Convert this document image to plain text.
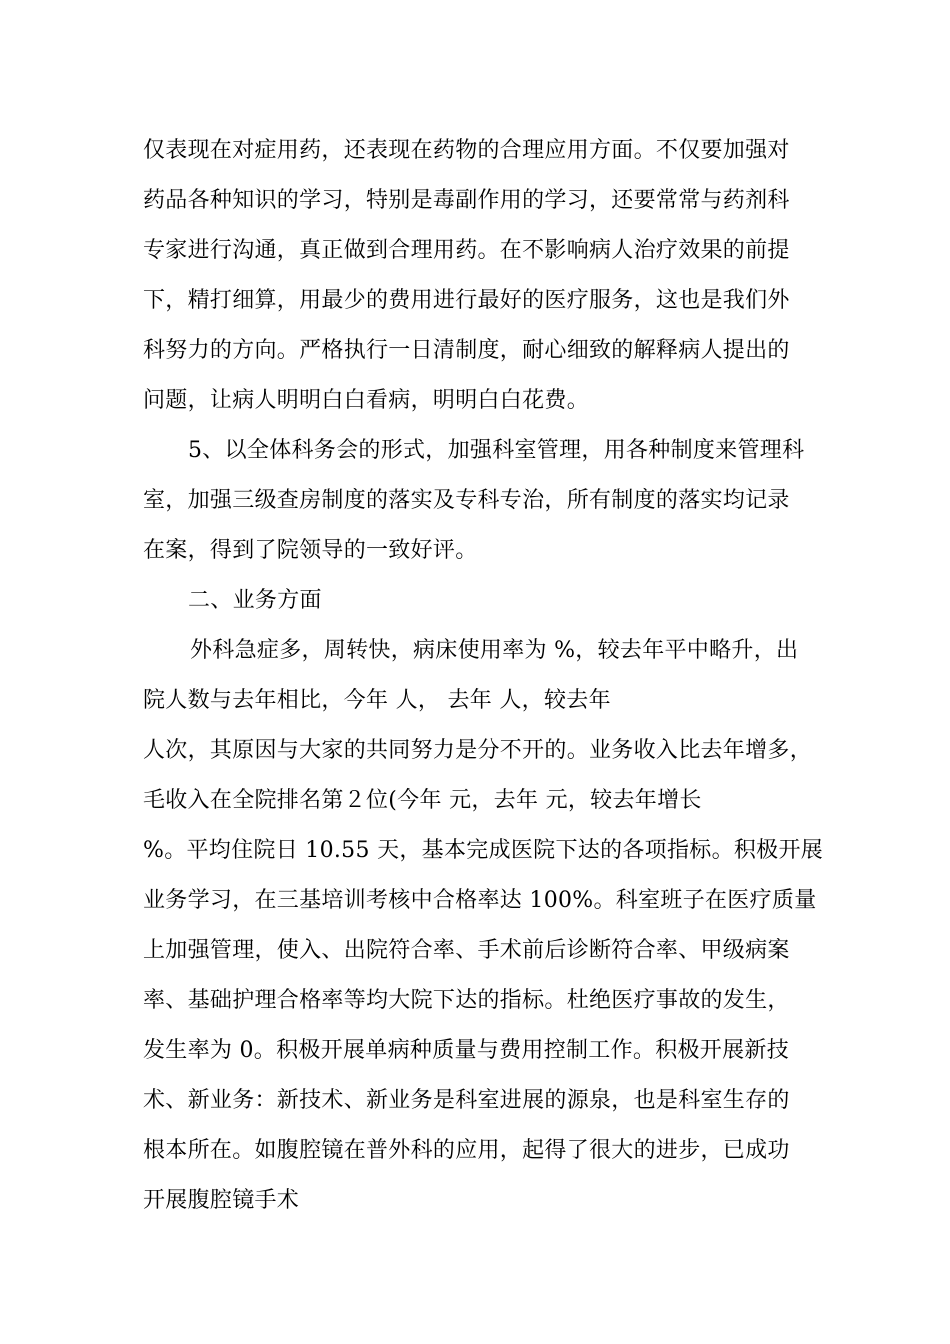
仅表现在对症用药，还表现在药物的合理应用方面。不仅要加强对
药品各种知识的学习，特别是毒副作用的学习，还要常常与药剂科
专家进行沟通，真正做到合理用药。在不影响病人治疗效果的前提
下，精打细算，用最少的费用进行最好的医疗服务，这也是我们外
科努力的方向。严格执行一日清制度，耐心细致的解释病人提出的
问题，让病人明明白白看病，明明白白花费。
5、以全体科务会的形式，加强科室管理，用各种制度来管理科
室，加强三级查房制度的落实及专科专治，所有制度的落实均记录
在案，得到了院领导的一致好评。
二、业务方面
外科急症多，周转快，病床使用率为 %，较去年平中略升，出
院人数与去年相比，今年 人， 去年 人，较去年
人次，其原因与大家的共同努力是分不开的。业务收入比去年增多，
毛收入在全院排名第２位(今年 元，去年 元，较去年增长
%。平均住院日 10.55 天，基本完成医院下达的各项指标。积极开展
业务学习，在三基培训考核中合格率达 100%。科室班子在医疗质量
上加强管理，使入、出院符合率、手术前后诊断符合率、甲级病案
率、基础护理合格率等均大院下达的指标。杜绝医疗事故的发生，
发生率为 0。积极开展单病种质量与费用控制工作。积极开展新技
术、新业务：新技术、新业务是科室进展的源泉，也是科室生存的
根本所在。如腹腔镜在普外科的应用，起得了很大的进步，已成功
开展腹腔镜手术
